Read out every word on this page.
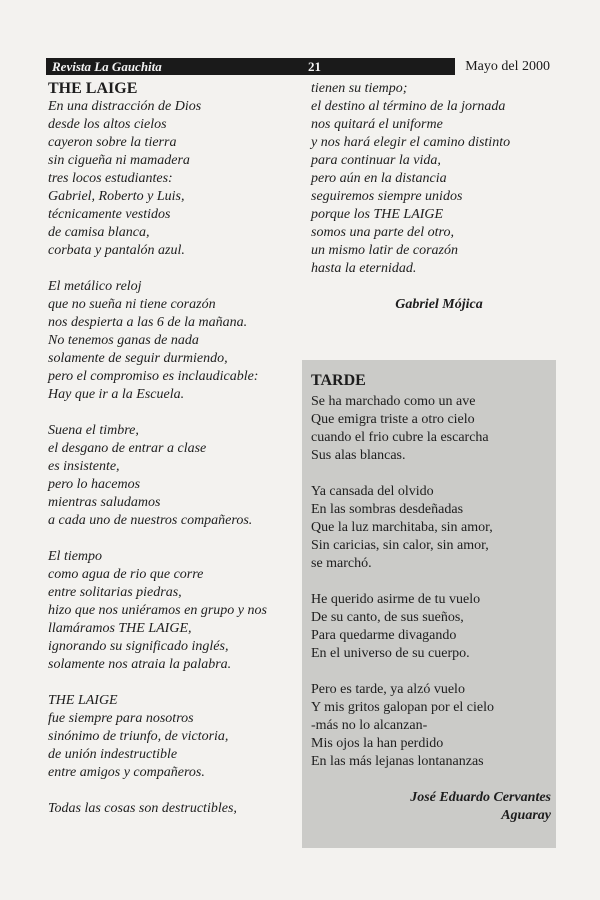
Revista La Gauchita	21	Mayo del 2000
THE LAIGE
En una distracción de Dios
desde los altos cielos
cayeron sobre la tierra
sin cigueña ni mamadera
tres locos estudiantes:
Gabriel, Roberto y Luis,
técnicamente vestidos
de camisa blanca,
corbata y pantalón azul.
El metálico reloj
que no sueña ni tiene corazón
nos despierta a las 6 de la mañana.
No tenemos ganas de nada
solamente de seguir durmiendo,
pero el compromiso es inclaudicable:
Hay que ir a la Escuela.
Suena el timbre,
el desgano de entrar a clase
es insistente,
pero lo hacemos
mientras saludamos
a cada uno de nuestros compañeros.
El tiempo
como agua de rio que corre
entre solitarias piedras,
hizo que nos uniéramos en grupo y nos
llamáramos THE LAIGE,
ignorando su significado inglés,
solamente nos atraia la palabra.
THE LAIGE
fue siempre para nosotros
sinónimo de triunfo, de victoria,
de unión indestructible
entre amigos y compañeros.
Todas las cosas son destructibles,
tienen su tiempo;
el destino al término de la jornada
nos quitará el uniforme
y nos hará elegir el camino distinto
para continuar la vida,
pero aún en la distancia
seguiremos siempre unidos
porque los THE LAIGE
somos una parte del otro,
un mismo latir de corazón
hasta la eternidad.
Gabriel Mójica
TARDE
Se ha marchado como un ave
Que emigra triste a otro cielo
cuando el frio cubre la escarcha
Sus alas blancas.
Ya cansada del olvido
En las sombras desdeñadas
Que la luz marchitaba, sin amor,
Sin caricias, sin calor, sin amor,
se marchó.
He querido asirme de tu vuelo
De su canto, de sus sueños,
Para quedarme divagando
En el universo de su cuerpo.
Pero es tarde, ya alzó vuelo
Y mis gritos galopan por el cielo
-más no lo alcanzan-
Mis ojos la han perdido
En las más lejanas lontananzas
José Eduardo Cervantes
Aguaray
